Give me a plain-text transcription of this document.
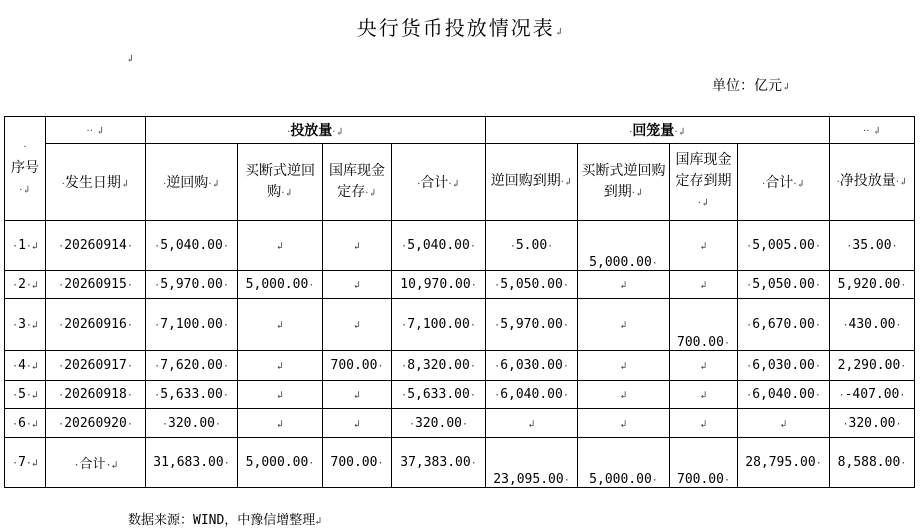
央行货币投放情况表↲
↲
单位：亿元↲
·
序号·↲	·· ↲	·投放量·↲				·回笼量·↲				·· ↲
	·发生日期↲	·逆回购·↲	买断式逆回购·↲	国库现金定存·↲	·合计·↲	逆回购到期·↲	买断式逆回购到期·↲	国库现金定存到期·↲	·合计·↲	·净投放量·↲
·1·↲	·20260914·	·5,040.00·	↲	↲	·5,040.00·	·5.00·	5,000.00·	↲	·5,005.00·	·35.00·
·2·↲	·20260915·	·5,970.00·	5,000.00·	↲	10,970.00·	·5,050.00·	↲	↲	·5,050.00·	5,920.00·
·3·↲	·20260916·	·7,100.00·	↲	↲	·7,100.00·	·5,970.00·	↲	700.00·	·6,670.00·	·430.00·
·4·↲	·20260917·	·7,620.00·	↲	700.00·	·8,320.00·	·6,030.00·	↲	↲	·6,030.00·	2,290.00·
·5·↲	·20260918·	·5,633.00·	↲	↲	·5,633.00·	·6,040.00·	↲	↲	·6,040.00·	·-407.00·
·6·↲	·20260920·	·320.00·	↲	↲	·320.00·	↲	↲	↲	↲	·320.00·
·7·↲	·合计·↲	31,683.00·	5,000.00·	700.00·	37,383.00·	23,095.00·	5,000.00·	700.00·	28,795.00·	8,588.00·
数据来源：WIND，中豫信增整理↲
